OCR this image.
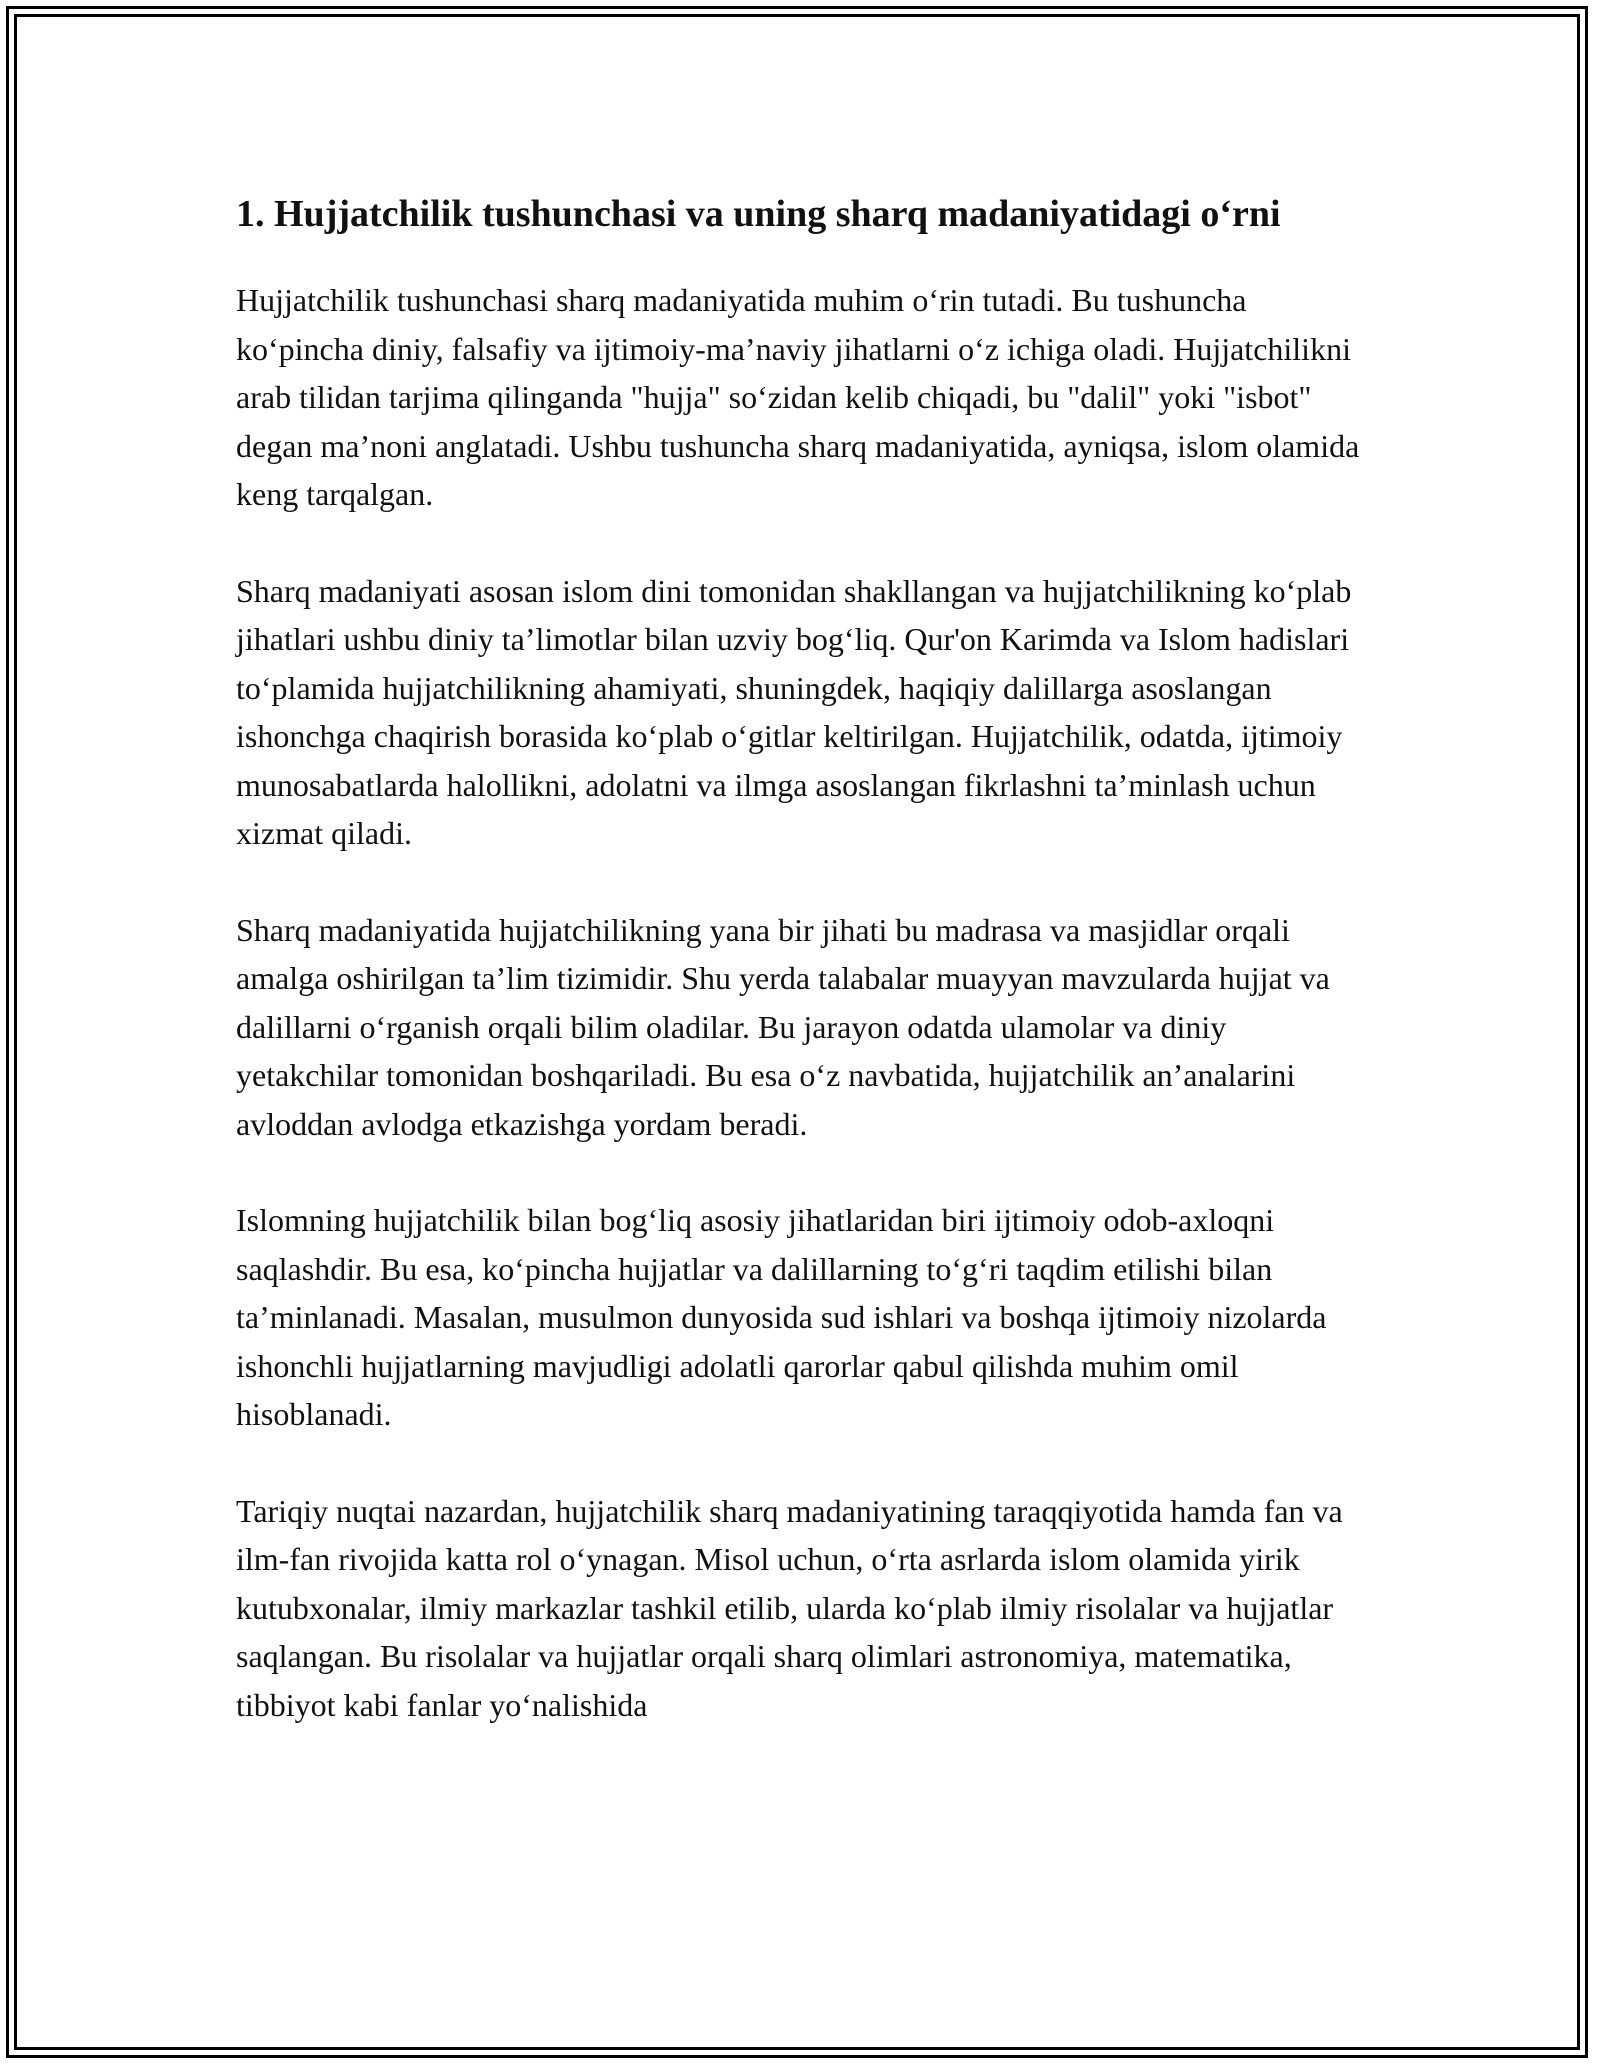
1. Hujjatchilik tushunchasi va uning sharq madaniyatidagi o‘rni

Hujjatchilik tushunchasi sharq madaniyatida muhim o‘rin tutadi. Bu tushuncha ko‘pincha diniy, falsafiy va ijtimoiy-ma’naviy jihatlarni o‘z ichiga oladi. Hujjatchilikni arab tilidan tarjima qilinganda "hujja" so‘zidan kelib chiqadi, bu "dalil" yoki "isbot" degan ma’noni anglatadi. Ushbu tushuncha sharq madaniyatida, ayniqsa, islom olamida keng tarqalgan.

Sharq madaniyati asosan islom dini tomonidan shakllangan va hujjatchilikning ko‘plab jihatlari ushbu diniy ta’limotlar bilan uzviy bog‘liq. Qur'on Karimda va Islom hadislari to‘plamida hujjatchilikning ahamiyati, shuningdek, haqiqiy dalillarga asoslangan ishonchga chaqirish borasida ko‘plab o‘gitlar keltirilgan. Hujjatchilik, odatda, ijtimoiy munosabatlarda halollikni, adolatni va ilmga asoslangan fikrlashni ta’minlash uchun xizmat qiladi.

Sharq madaniyatida hujjatchilikning yana bir jihati bu madrasa va masjidlar orqali amalga oshirilgan ta’lim tizimidir. Shu yerda talabalar muayyan mavzularda hujjat va dalillarni o‘rganish orqali bilim oladilar. Bu jarayon odatda ulamolar va diniy yetakchilar tomonidan boshqariladi. Bu esa o‘z navbatida, hujjatchilik an’analarini avloddan avlodga etkazishga yordam beradi.

Islomning hujjatchilik bilan bog‘liq asosiy jihatlaridan biri ijtimoiy odob-axloqni saqlashdir. Bu esa, ko‘pincha hujjatlar va dalillarning to‘g‘ri taqdim etilishi bilan ta’minlanadi. Masalan, musulmon dunyosida sud ishlari va boshqa ijtimoiy nizolarda ishonchli hujjatlarning mavjudligi adolatli qarorlar qabul qilishda muhim omil hisoblanadi.

Tariqiy nuqtai nazardan, hujjatchilik sharq madaniyatining taraqqiyotida hamda fan va ilm-fan rivojida katta rol o‘ynagan. Misol uchun, o‘rta asrlarda islom olamida yirik kutubxonalar, ilmiy markazlar tashkil etilib, ularda ko‘plab ilmiy risolalar va hujjatlar saqlangan. Bu risolalar va hujjatlar orqali sharq olimlari astronomiya, matematika, tibbiyot kabi fanlar yo‘nalishida
